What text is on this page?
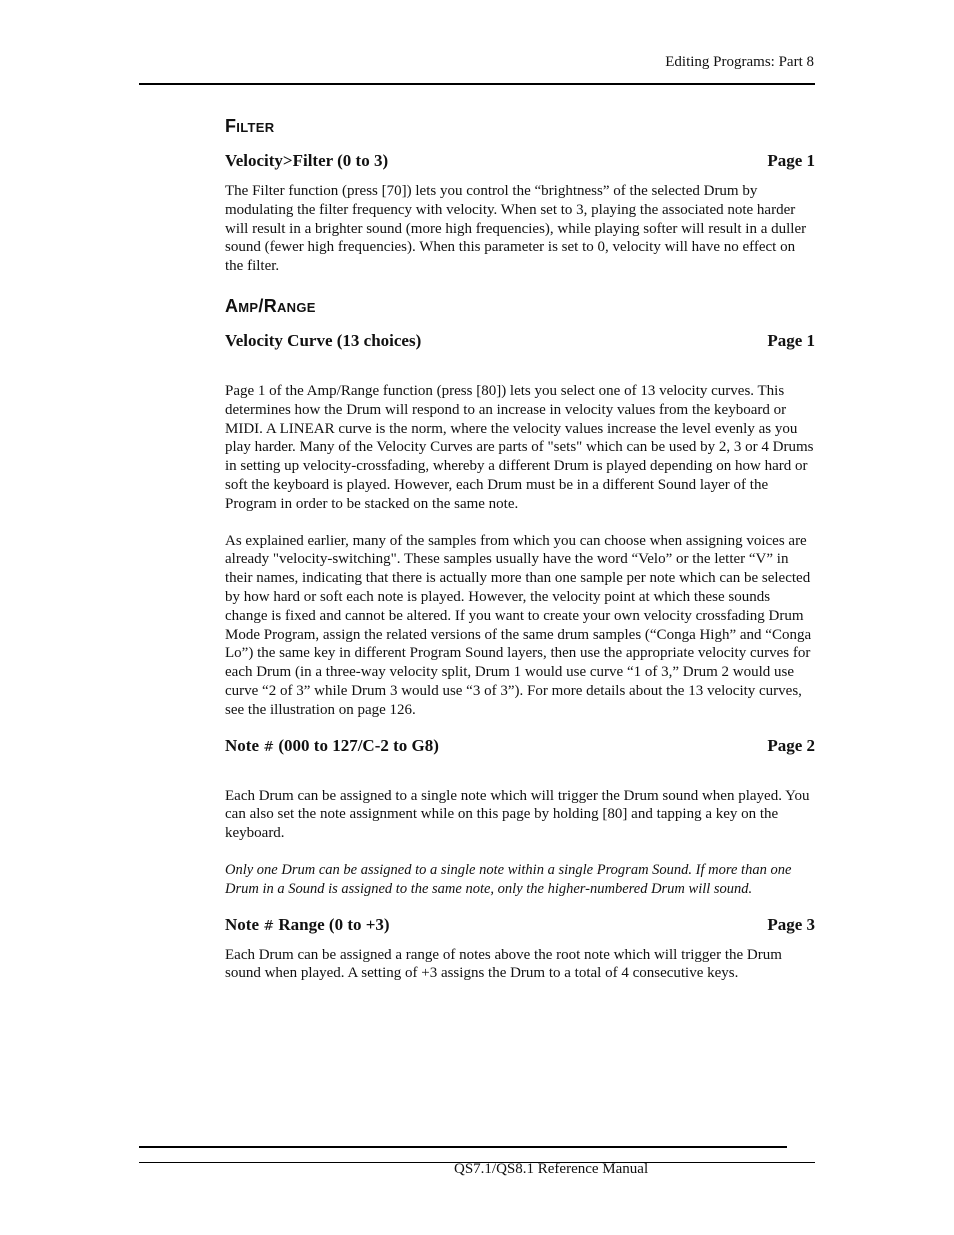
Editing Programs: Part 8
Filter
Velocity>Filter (0 to 3)	Page 1

The Filter function (press [70]) lets you control the “brightness” of the selected Drum by modulating the filter frequency with velocity. When set to 3, playing the associated note harder will result in a brighter sound (more high frequencies), while playing softer will result in a duller sound (fewer high frequencies). When this parameter is set to 0, velocity will have no effect on the filter.

Amp/Range
Velocity Curve (13 choices)	Page 1

Page 1 of the Amp/Range function (press [80]) lets you select one of 13 velocity curves. This determines how the Drum will respond to an increase in velocity values from the keyboard or MIDI. A LINEAR curve is the norm, where the velocity values increase the level evenly as you play harder. Many of the Velocity Curves are parts of "sets" which can be used by 2, 3 or 4 Drums in setting up velocity-crossfading, whereby a different Drum is played depending on how hard or soft the keyboard is played. However, each Drum must be in a different Sound layer of the Program in order to be stacked on the same note.

As explained earlier, many of the samples from which you can choose when assigning voices are already "velocity-switching". These samples usually have the word “Velo” or the letter “V” in their names, indicating that there is actually more than one sample per note which can be selected by how hard or soft each note is played. However, the velocity point at which these sounds change is fixed and cannot be altered. If you want to create your own velocity crossfading Drum Mode Program, assign the related versions of the same drum samples (“Conga High” and “Conga Lo”) the same key in different Program Sound layers, then use the appropriate velocity curves for each Drum (in a three-way velocity split, Drum 1 would use curve “1 of 3,” Drum 2 would use curve “2 of 3” while Drum 3 would use “3 of 3”). For more details about the 13 velocity curves, see the illustration on page 126.

Note # (000 to 127/C-2 to G8)	Page 2

Each Drum can be assigned to a single note which will trigger the Drum sound when played. You can also set the note assignment while on this page by holding [80] and tapping a key on the keyboard.

Only one Drum can be assigned to a single note within a single Program Sound. If more than one Drum in a Sound is assigned to the same note, only the higher-numbered Drum will sound.

Note # Range (0 to +3)	Page 3

Each Drum can be assigned a range of notes above the root note which will trigger the Drum sound when played. A setting of +3 assigns the Drum to a total of 4 consecutive keys.

QS7.1/QS8.1 Reference Manual
